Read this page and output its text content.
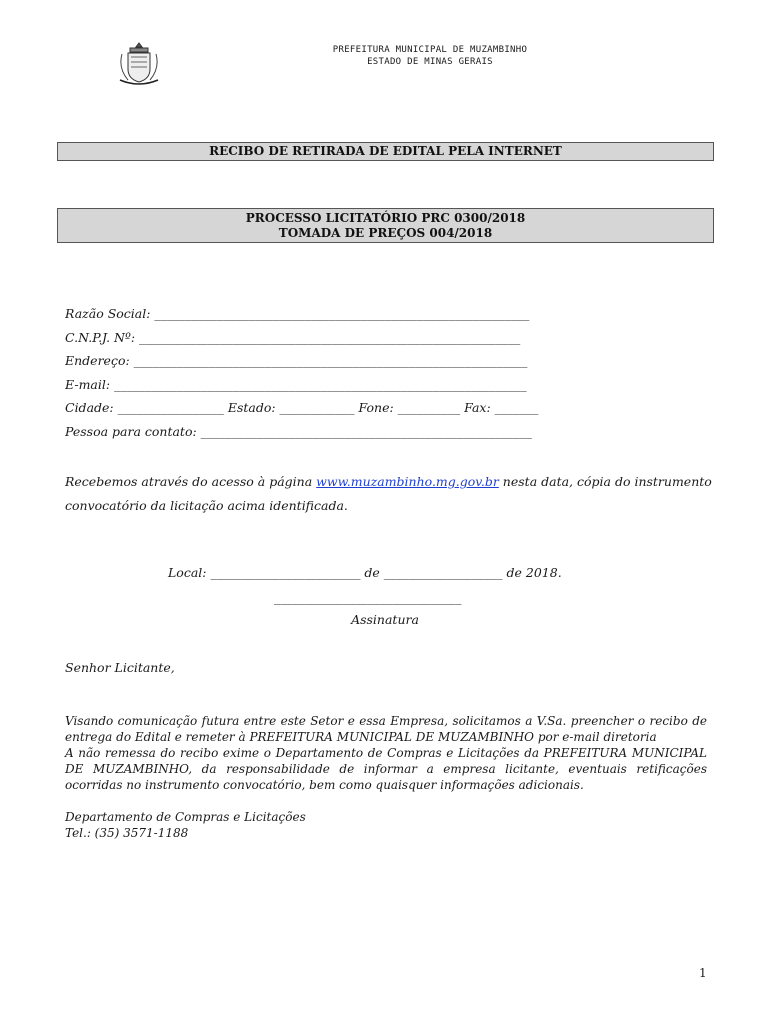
PREFEITURA MUNICIPAL DE MUZAMBINHO
ESTADO DE MINAS GERAIS
RECIBO DE RETIRADA DE EDITAL PELA INTERNET
PROCESSO LICITATÓRIO PRC 0300/2018
TOMADA DE PREÇOS 004/2018
Razão Social: ____________________________________________________________
C.N.P.J. Nº: _____________________________________________________________
Endereço: _______________________________________________________________
E-mail: __________________________________________________________________
Cidade: _________________ Estado: ____________ Fone: __________ Fax: _______
Pessoa para contato: _____________________________________________________
Recebemos através do acesso à página www.muzambinho.mg.gov.br nesta data, cópia do instrumento convocatório da licitação acima identificada.
Local: ________________________ de ___________________ de 2018.
______________________________
Assinatura
Senhor Licitante,

Visando comunicação futura entre este Setor e essa Empresa, solicitamos a V.Sa. preencher o recibo de entrega do Edital e remeter à PREFEITURA MUNICIPAL DE MUZAMBINHO por e-mail diretoria

A não remessa do recibo exime o Departamento de Compras e Licitações da PREFEITURA MUNICIPAL DE MUZAMBINHO, da responsabilidade de informar a empresa licitante, eventuais retificações ocorridas no instrumento convocatório, bem como quaisquer informações adicionais.

Departamento de Compras e Licitações

Tel.: (35) 3571-1188

1
